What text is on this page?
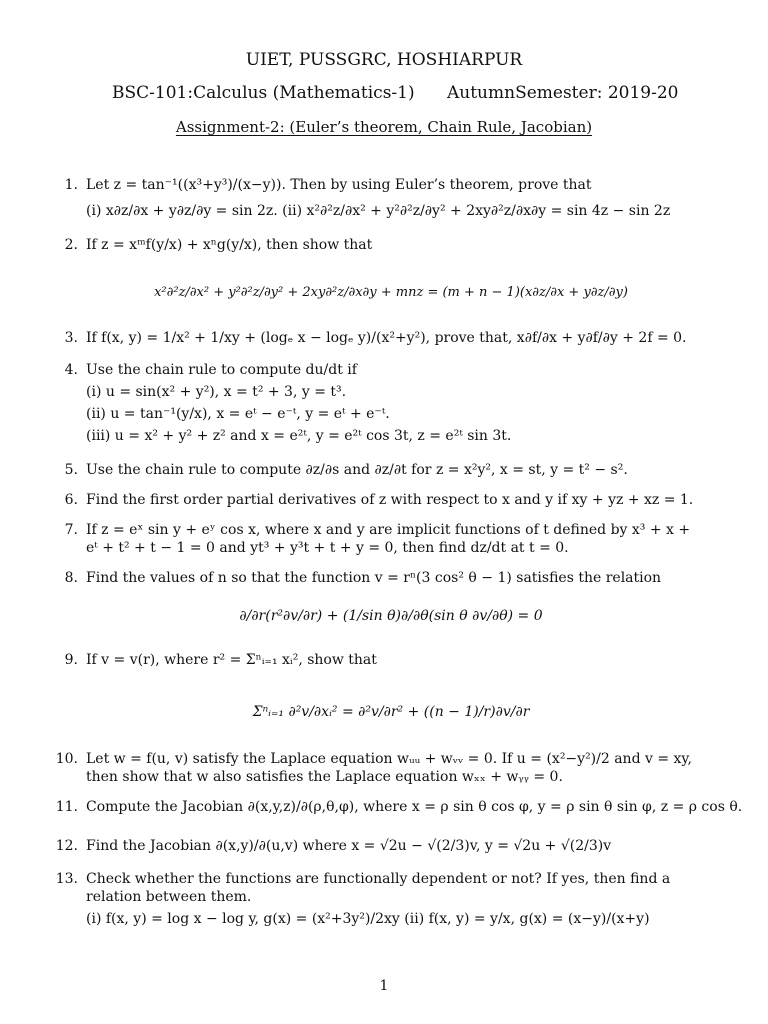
UIET, PUSSGRC, HOSHIARPUR
BSC-101:Calculus (Mathematics-1) AutumnSemester: 2019-20
Assignment-2: (Euler’s theorem, Chain Rule, Jacobian)
1. Let z = tan⁻¹((x³+y³)/(x−y)). Then by using Euler’s theorem, prove that
(i) x∂z/∂x + y∂z/∂y = sin 2z. (ii) x²∂²z/∂x² + y²∂²z/∂y² + 2xy∂²z/∂x∂y = sin 4z − sin 2z
2. If z = xᵐf(y/x) + xⁿg(y/x), then show that
x²∂²z/∂x² + y²∂²z/∂y² + 2xy∂²z/∂x∂y + mnz = (m + n − 1)(x∂z/∂x + y∂z/∂y)
3. If f(x, y) = 1/x² + 1/xy + (logₑ x − logₑ y)/(x²+y²), prove that, x∂f/∂x + y∂f/∂y + 2f = 0.
4. Use the chain rule to compute du/dt if
(i) u = sin(x² + y²), x = t² + 3, y = t³.
(ii) u = tan⁻¹(y/x), x = eᵗ − e⁻ᵗ, y = eᵗ + e⁻ᵗ.
(iii) u = x² + y² + z² and x = e²ᵗ, y = e²ᵗ cos 3t, z = e²ᵗ sin 3t.
5. Use the chain rule to compute ∂z/∂s and ∂z/∂t for z = x²y², x = st, y = t² − s².
6. Find the first order partial derivatives of z with respect to x and y if xy + yz + xz = 1.
7. If z = eˣ sin y + eʸ cos x, where x and y are implicit functions of t defined by x³ + x + eᵗ + t² + t − 1 = 0 and yt³ + y³t + t + y = 0, then find dz/dt at t = 0.
8. Find the values of n so that the function v = rⁿ(3 cos² θ − 1) satisfies the relation
∂/∂r(r²∂v/∂r) + (1/sin θ)∂/∂θ(sin θ ∂v/∂θ) = 0
9. If v = v(r), where r² = Σⁿᵢ₌₁ xᵢ², show that
Σⁿᵢ₌₁ ∂²v/∂xᵢ² = ∂²v/∂r² + ((n − 1)/r)∂v/∂r
10. Let w = f(u, v) satisfy the Laplace equation wᵤᵤ + wᵥᵥ = 0. If u = (x²−y²)/2 and v = xy, then show that w also satisfies the Laplace equation wₓₓ + wᵧᵧ = 0.
11. Compute the Jacobian ∂(x,y,z)/∂(ρ,θ,φ), where x = ρ sin θ cos φ, y = ρ sin θ sin φ, z = ρ cos θ.
12. Find the Jacobian ∂(x,y)/∂(u,v) where x = √2u − √(2/3)v, y = √2u + √(2/3)v
13. Check whether the functions are functionally dependent or not? If yes, then find a relation between them.
(i) f(x, y) = log x − log y, g(x) = (x²+3y²)/2xy (ii) f(x, y) = y/x, g(x) = (x−y)/(x+y)
1
